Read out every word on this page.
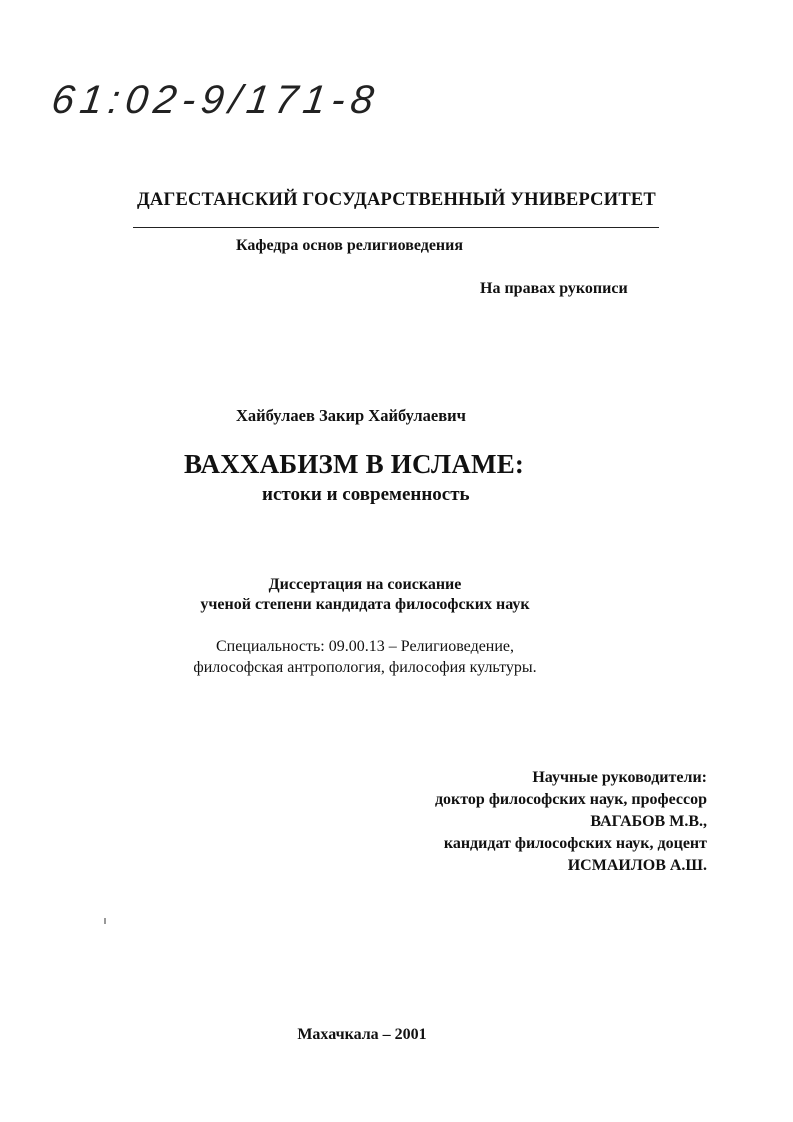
61:02-9/171-8
ДАГЕСТАНСКИЙ ГОСУДАРСТВЕННЫЙ УНИВЕРСИТЕТ
Кафедра основ религиоведения
На правах рукописи
Хайбулаев Закир Хайбулаевич
ВАХХАБИЗМ В ИСЛАМЕ:
истоки и современность
Диссертация на соискание
ученой степени кандидата философских наук
Специальность: 09.00.13 – Религиоведение,
философская антропология, философия культуры.
Научные руководители:
доктор философских наук, профессор
ВАГАБОВ М.В.,
кандидат философских наук, доцент
ИСМАИЛОВ А.Ш.
Махачкала – 2001
